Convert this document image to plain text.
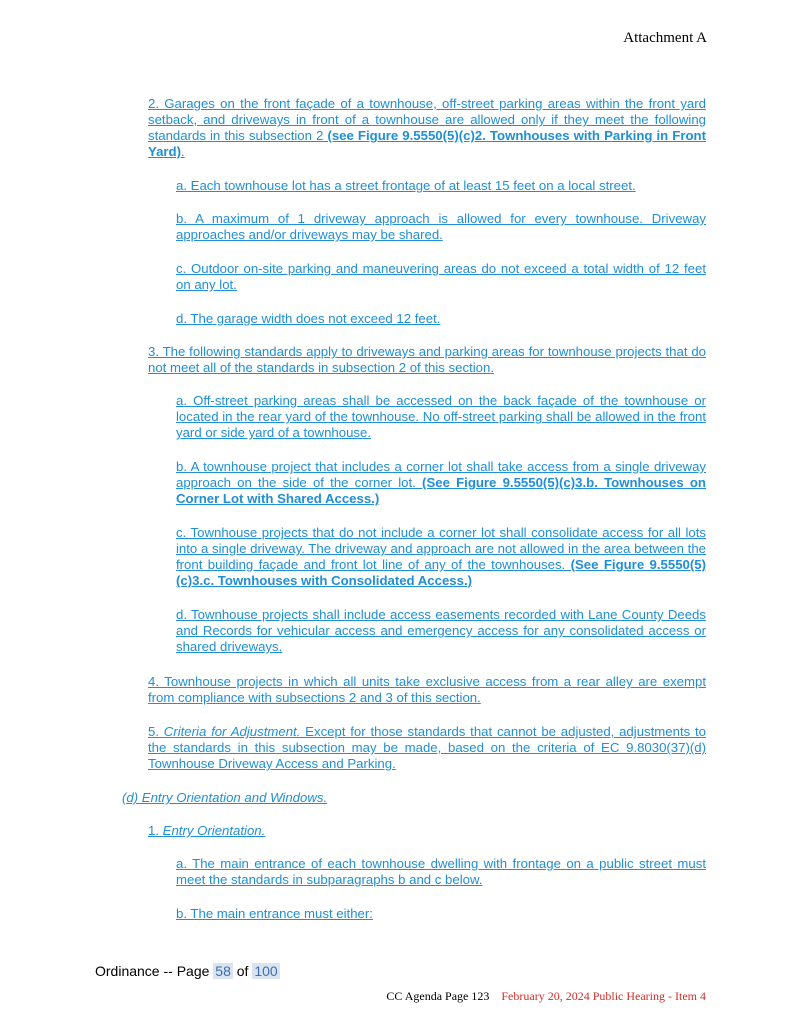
Attachment A
2. Garages on the front façade of a townhouse, off-street parking areas within the front yard setback, and driveways in front of a townhouse are allowed only if they meet the following standards in this subsection 2 (see Figure 9.5550(5)(c)2. Townhouses with Parking in Front Yard).
a. Each townhouse lot has a street frontage of at least 15 feet on a local street.
b. A maximum of 1 driveway approach is allowed for every townhouse. Driveway approaches and/or driveways may be shared.
c. Outdoor on-site parking and maneuvering areas do not exceed a total width of 12 feet on any lot.
d. The garage width does not exceed 12 feet.
3. The following standards apply to driveways and parking areas for townhouse projects that do not meet all of the standards in subsection 2 of this section.
a. Off-street parking areas shall be accessed on the back façade of the townhouse or located in the rear yard of the townhouse. No off-street parking shall be allowed in the front yard or side yard of a townhouse.
b. A townhouse project that includes a corner lot shall take access from a single driveway approach on the side of the corner lot. (See Figure 9.5550(5)(c)3.b. Townhouses on Corner Lot with Shared Access.)
c. Townhouse projects that do not include a corner lot shall consolidate access for all lots into a single driveway. The driveway and approach are not allowed in the area between the front building façade and front lot line of any of the townhouses. (See Figure 9.5550(5)(c)3.c. Townhouses with Consolidated Access.)
d. Townhouse projects shall include access easements recorded with Lane County Deeds and Records for vehicular access and emergency access for any consolidated access or shared driveways.
4. Townhouse projects in which all units take exclusive access from a rear alley are exempt from compliance with subsections 2 and 3 of this section.
5. Criteria for Adjustment. Except for those standards that cannot be adjusted, adjustments to the standards in this subsection may be made, based on the criteria of EC 9.8030(37)(d) Townhouse Driveway Access and Parking.
(d) Entry Orientation and Windows.
1. Entry Orientation.
a. The main entrance of each townhouse dwelling with frontage on a public street must meet the standards in subparagraphs b and c below.
b. The main entrance must either:
Ordinance -- Page 58 of 100
CC Agenda Page 123 February 20, 2024 Public Hearing - Item 4
